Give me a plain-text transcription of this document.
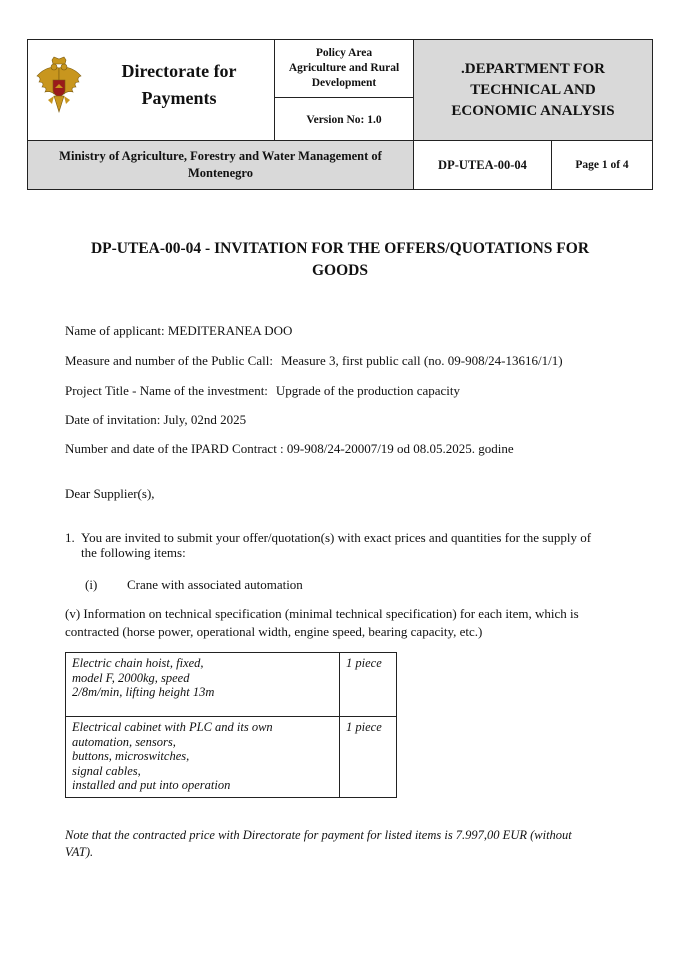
Directorate for
Payments
Policy Area
Agriculture and Rural
Development
Version No: 1.0
.DEPARTMENT FOR
TECHNICAL AND
ECONOMIC ANALYSIS
Ministry of Agriculture, Forestry and Water Management of
Montenegro
DP-UTEA-00-04	Page 1 of 4
DP-UTEA-00-04 - INVITATION FOR THE OFFERS/QUOTATIONS FOR
GOODS
Name of applicant: MEDITERANEA DOO
Measure and number of the Public Call: Measure 3, first public call (no. 09-908/24-13616/1/1)
Project Title - Name of the investment: Upgrade of the production capacity
Date of invitation: July, 02nd 2025
Number and date of the IPARD Contract : 09-908/24-20007/19 od 08.05.2025. godine
Dear Supplier(s),
1. You are invited to submit your offer/quotation(s) with exact prices and quantities for the supply of
the following items:
(i) Crane with associated automation
(v) Information on technical specification (minimal technical specification) for each item, which is
contracted (horse power, operational width, engine speed, bearing capacity, etc.)
Electric chain hoist, fixed,
model F, 2000kg, speed
2/8m/min, lifting height 13m
1 piece
Electrical cabinet with PLC and its own
automation, sensors,
buttons, microswitches,
signal cables,
installed and put into operation
1 piece
Note that the contracted price with Directorate for payment for listed items is 7.997,00 EUR (without
VAT).
